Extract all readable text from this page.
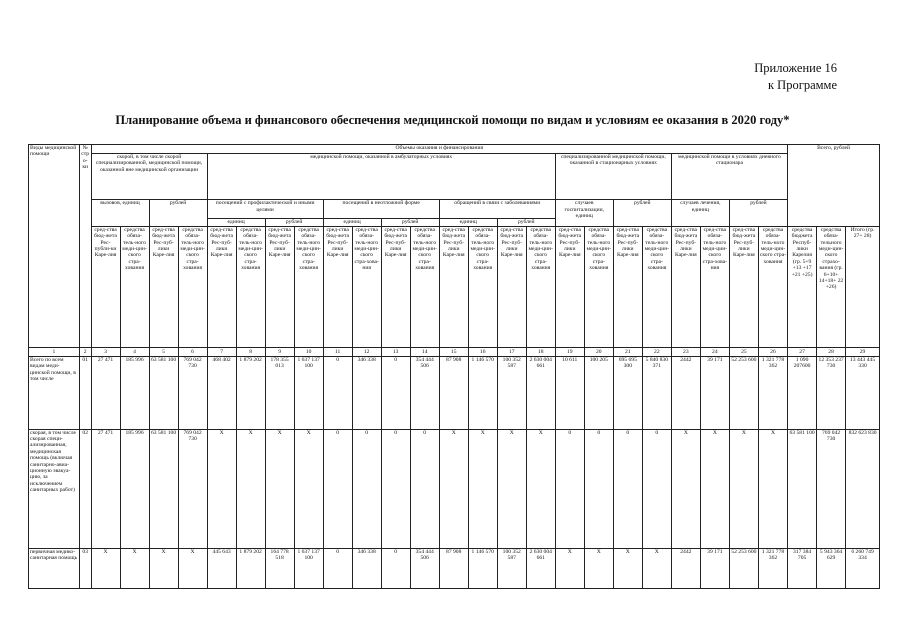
Приложение 16
к Программе
Планирование объема и финансового обеспечения медицинской помощи по видам и условиям ее оказания в 2020 году*
Виды медицинской помощи	№ стро-ки	Объемы оказания и финансирования																								Всего, рублей		
		скорой, в том числе скорой специализированной, медицинской помощи, оказанной вне медицинской организации				медицинской помощи, оказанной в амбулаторных условиях												специализированной медицинской помощи, оказанной в стационарных условиях				медицинской помощи в условиях дневного стационара						
		вызовов, единиц		рублей		посещений с профилактической и иными целями				посещений в неотложной форме				обращений в связи с заболеваниями				случаев госпитализации, единиц		рублей		случаев лечения, единиц		рублей				
						единиц		рублей		единиц		рублей		единиц		рублей												
		сред-ства бюд-жета Рес-публи-ки Каре-лия	средства обяза-тель-ного меди-цин-ского стра-хования	сред-ства бюд-жета Рес-пуб-лики Каре-лия	средства обяза-тель-ного меди-цин-ского стра-хования	сред-ства бюд-жета Рес-пуб-лики Каре-лия	средства обяза-тель-ного меди-цин-ского стра-хования	сред-ства бюд-жета Рес-пуб-лики Каре-лия	средства обяза-тель-ного меди-цин-ского стра-хования	сред-ства бюд-жета Рес-пуб-лики Каре-лия	сред-ства обяза-тель-ного меди-цин-ского стра-хова-ния	сред-ства бюд-жета Рес-пуб-лики Каре-лия	средства обяза-тель-ного меди-цин-ского стра-хования	сред-ства бюд-жета Рес-пуб-лики Каре-лия	средства обяза-тель-ного меди-цин-ского стра-хования	сред-ства бюд-жета Рес-пуб-лики Каре-лия	средства обяза-тель-ного меди-цин-ского стра-хования	сред-ства бюд-жета Рес-пуб-лики Каре-лия	средства обяза-тель-ного меди-цин-ского стра-хования	сред-ства бюд-жета Рес-пуб-лики Каре-лия	средства обяза-тель-ного меди-цин-ского стра-хования	сред-ства бюд-жета Рес-пуб-лики Каре-лия	сред-ства обяза-тель-ного меди-цин-ского стра-хова-ния	сред-ства бюд-жета Рес-пуб-лики Каре-лия	средства обяза-тель-ного меди-цин-ского стра-хования	средства бюджета Респуб-лики Карелия (гр. 5+9 +13 +17 +21 +25)	средства обяза-тельного меди-цин-ского страхо-вания (гр. 6+10+ 14+18+ 22 +26)	Итого (гр. 27+ 28)
1	2	3	4	5	6	7	8	9	10	11	12	13	14	15	16	17	18	19	20	21	22	23	24	25	26	27	28	29
Всего по всем видам меди-цинской помощи, в том числе	01	27 471	185 996	63 581 100	769 042 730	468 402	1 879 202	178 355 013	1 637 137 100	0	346 338	0	354 444 506	87 908	1 146 570	100 352 587	2 630 004 661	10 611	100 205	695 695 300	5 840 830 371	2442	39 171	52 253 600	1 321 778 362	1 090 207600	12 353 237 730	13 443 445 330
скорая, в том числе скорая специ-ализированная, медицинская помощь (включая санитарно-авиа-ционную эвакуа-цию, за исключением санитарных работ)	02	27 471	185 996	63 581 100	769 042 730	X	X	X	X	0	0	0	0	X	X	X	X	0	0	0	0	X	X	X	X	63 581 100	769 042 730	832 623 830
первичная медико-санитарная помощь	03	X	X	X	X	445 643	1 879 202	164 778 518	1 637 137 100	0	346 338	0	354 444 506	87 908	1 146 570	100 352 587	2 630 004 661	X	X	X	X	2442	39 171	52 253 600	1 321 778 362	317 384 705	5 943 364 629	6 260 749 334
